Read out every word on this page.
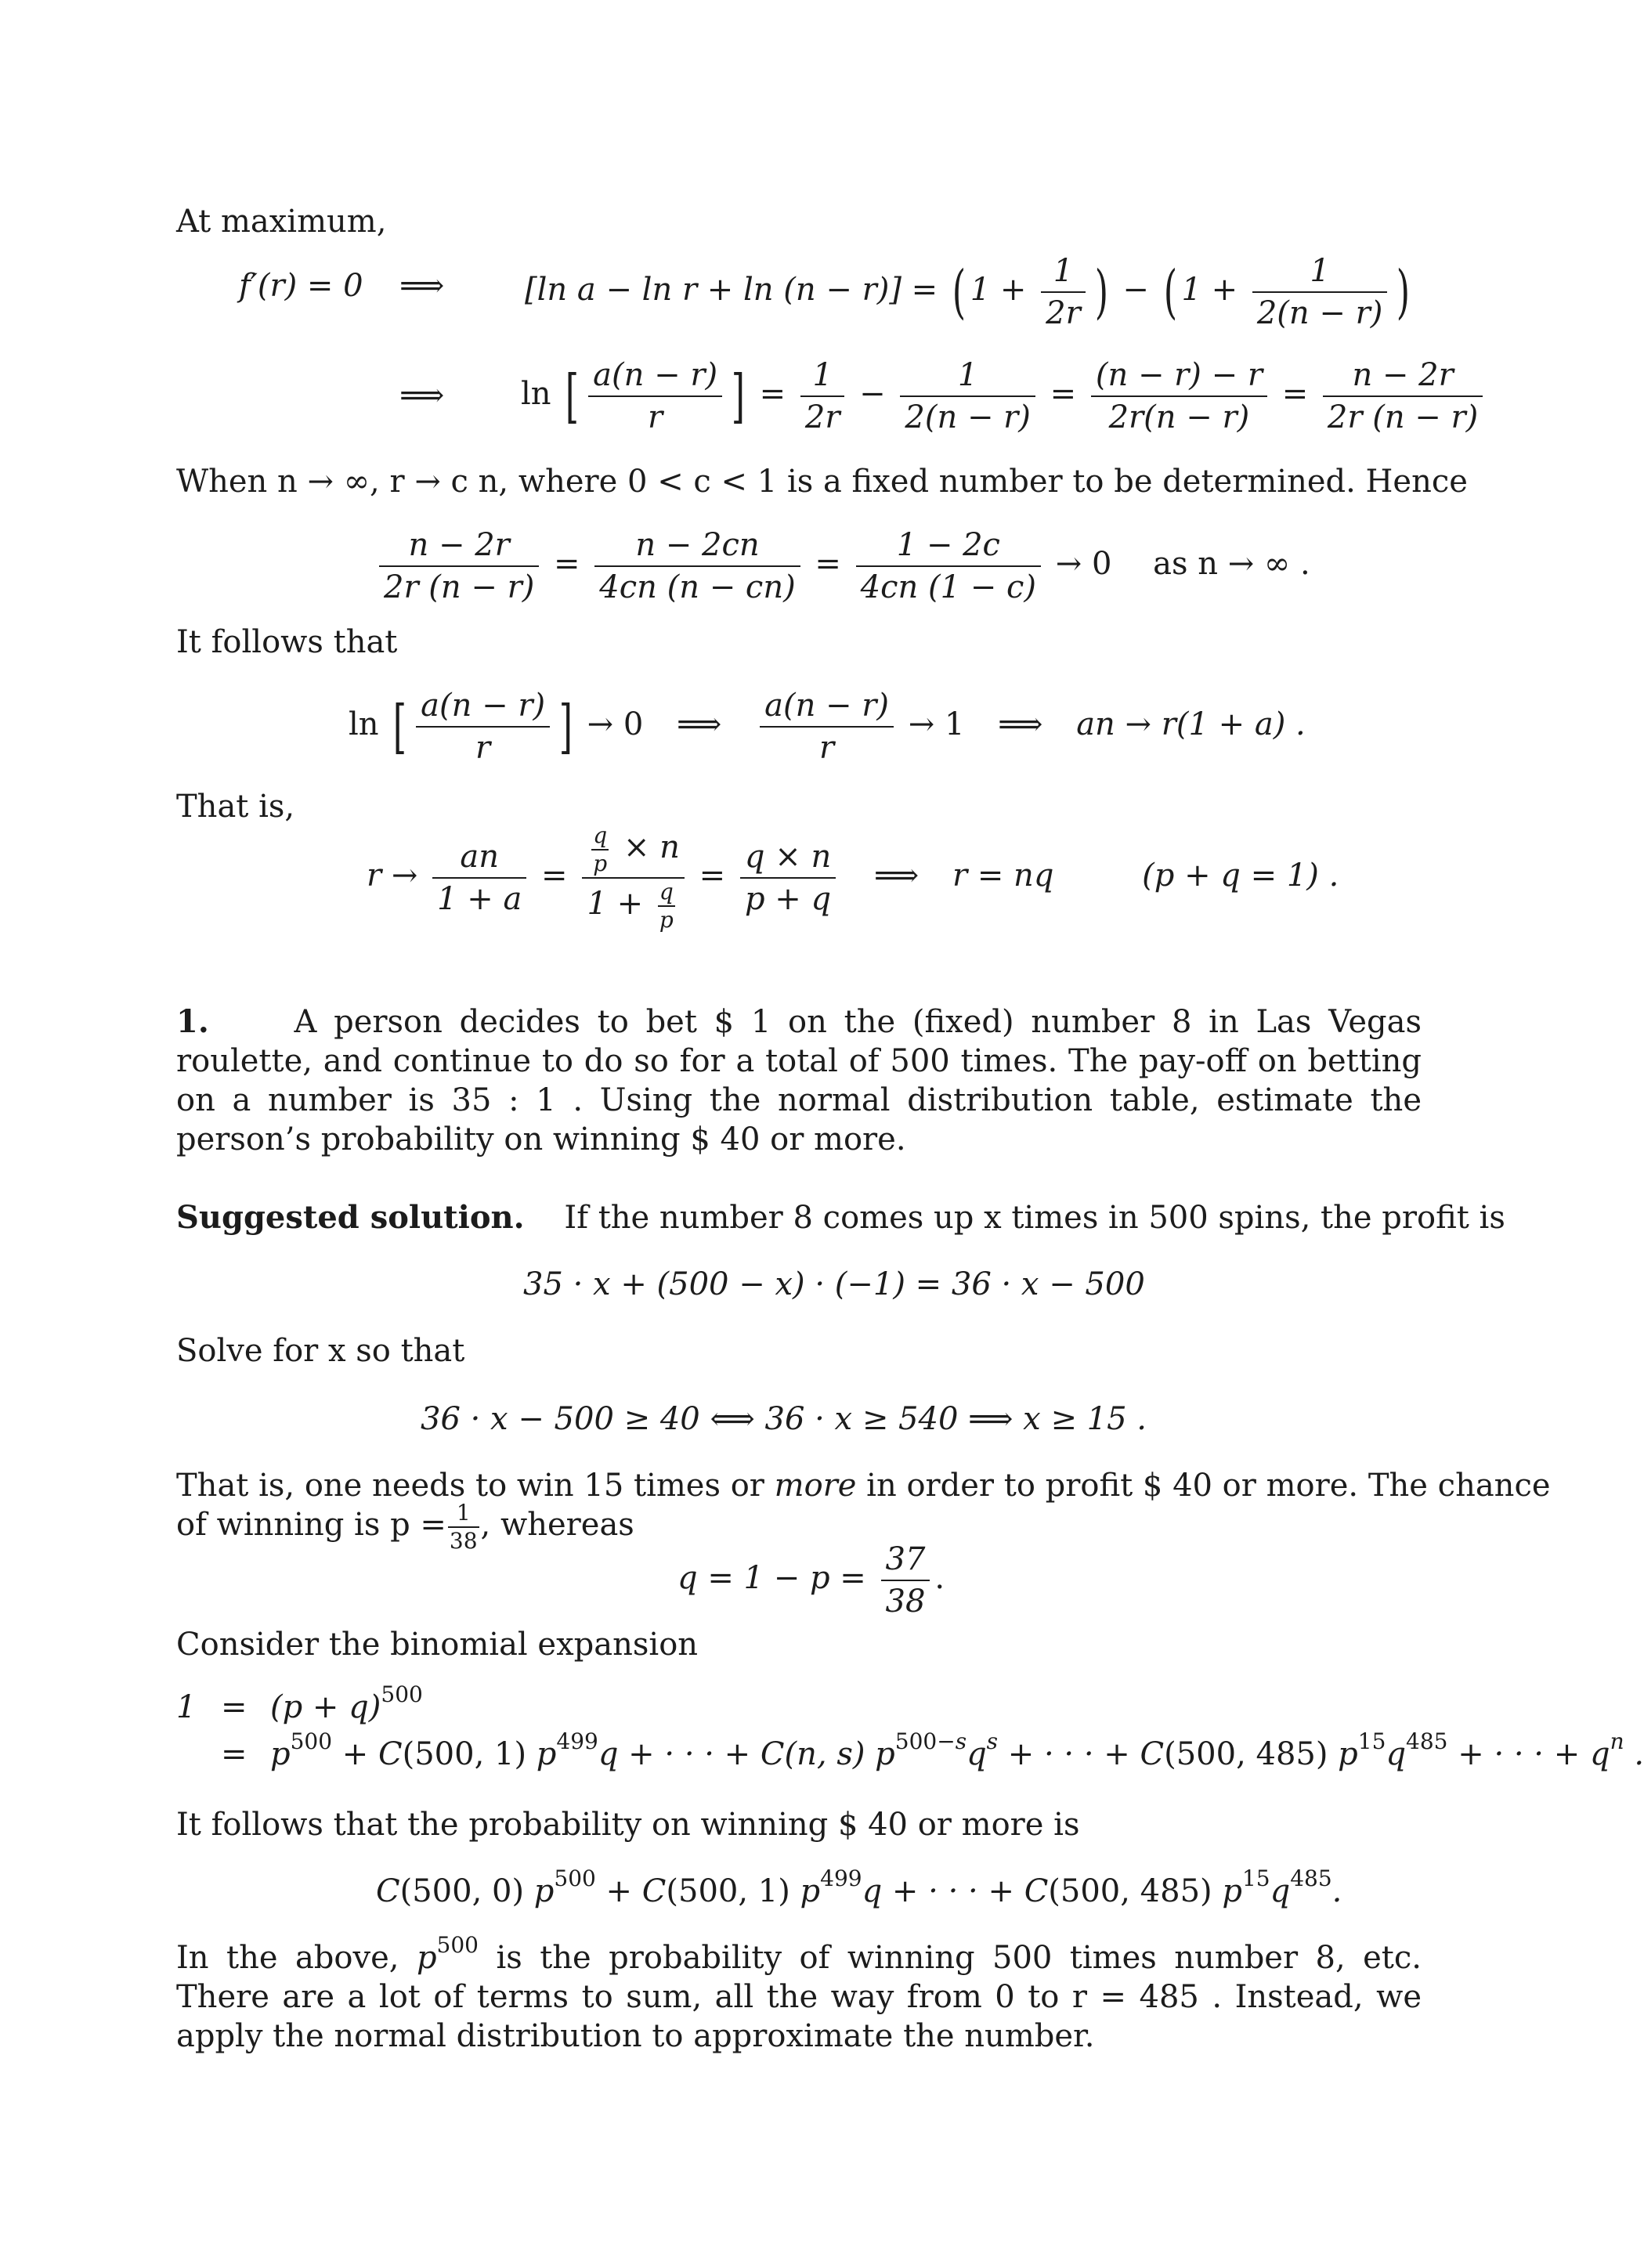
At maximum,
f′(r) = 0 ⟹	[ln a − ln r + ln (n − r)] = ( $1 + \frac{1}{2r}$ ) − ( $1 + \frac{1}{2(n - r)}$ )
⟹ ln [ $\frac{a(n - r)}{r}$ ] = $\frac{1}{2r} - \frac{1}{2(n - r)} = \frac{(n - r) - r}{2r(n - r)} = \frac{n - 2r}{2r (n - r)}$
When n → ∞, r → c n, where 0 < c < 1 is a fixed number to be determined. Hence
$\frac{n - 2r}{2r (n - r)} = \frac{n - 2cn}{4cn (n - cn)} = \frac{1 - 2c}{4cn (1 - c)} \to 0$ as n → ∞ .
It follows that
ln [ $\frac{a(n - r)}{r}$ ] → 0 ⟹ $\frac{a(n - r)}{r} \to 1$ ⟹ an → r(1 + a) .
That is,
$r \to \frac{an}{1 + a} = \frac{\frac{q}{p} \times n}{1 + \frac{q}{p}} = \frac{q \times n}{p + q}$ ⟹ r = nq	(p + q = 1) .
1.	A person decides to bet $ 1 on the (fixed) number 8 in Las Vegas roulette, and continue to do so for a total of 500 times. The pay-off on betting on a number is 35 : 1 . Using the normal distribution table, estimate the person’s probability on winning $ 40 or more.
Suggested solution. If the number 8 comes up x times in 500 spins, the profit is
35 · x + (500 − x) · (−1) = 36 · x − 500
Solve for x so that
36 · x − 500 ≥ 40 ⟺ 36 · x ≥ 540 ⟹ x ≥ 15 .
That is, one needs to win 15 times or more in order to profit $ 40 or more. The chance
of winning is $p = \frac{1}{38}$ , whereas
$q = 1 - p = \frac{37}{38}$ .
Consider the binomial expansion
$1 = (p + q)^{500}$
= $p^{500} + C(500$, 1) $p^{499}q$ + · · · + C(n, s) $p^{500-s}q^s$ + · · · + C(500, 485) $p^{15}q^{485}$ + · · · + $q^n$ .
It follows that the probability on winning $ 40 or more is
C(500, 0) $p^{500} + C(500$, 1) $p^{499}q$ + · · · + C(500, 485) $p^{15}q^{485}$.
In the above, $p^{500}$ is the probability of winning 500 times number 8, etc. There are a lot of terms to sum, all the way from 0 to r = 485 . Instead, we apply the normal distribution to approximate the number.
